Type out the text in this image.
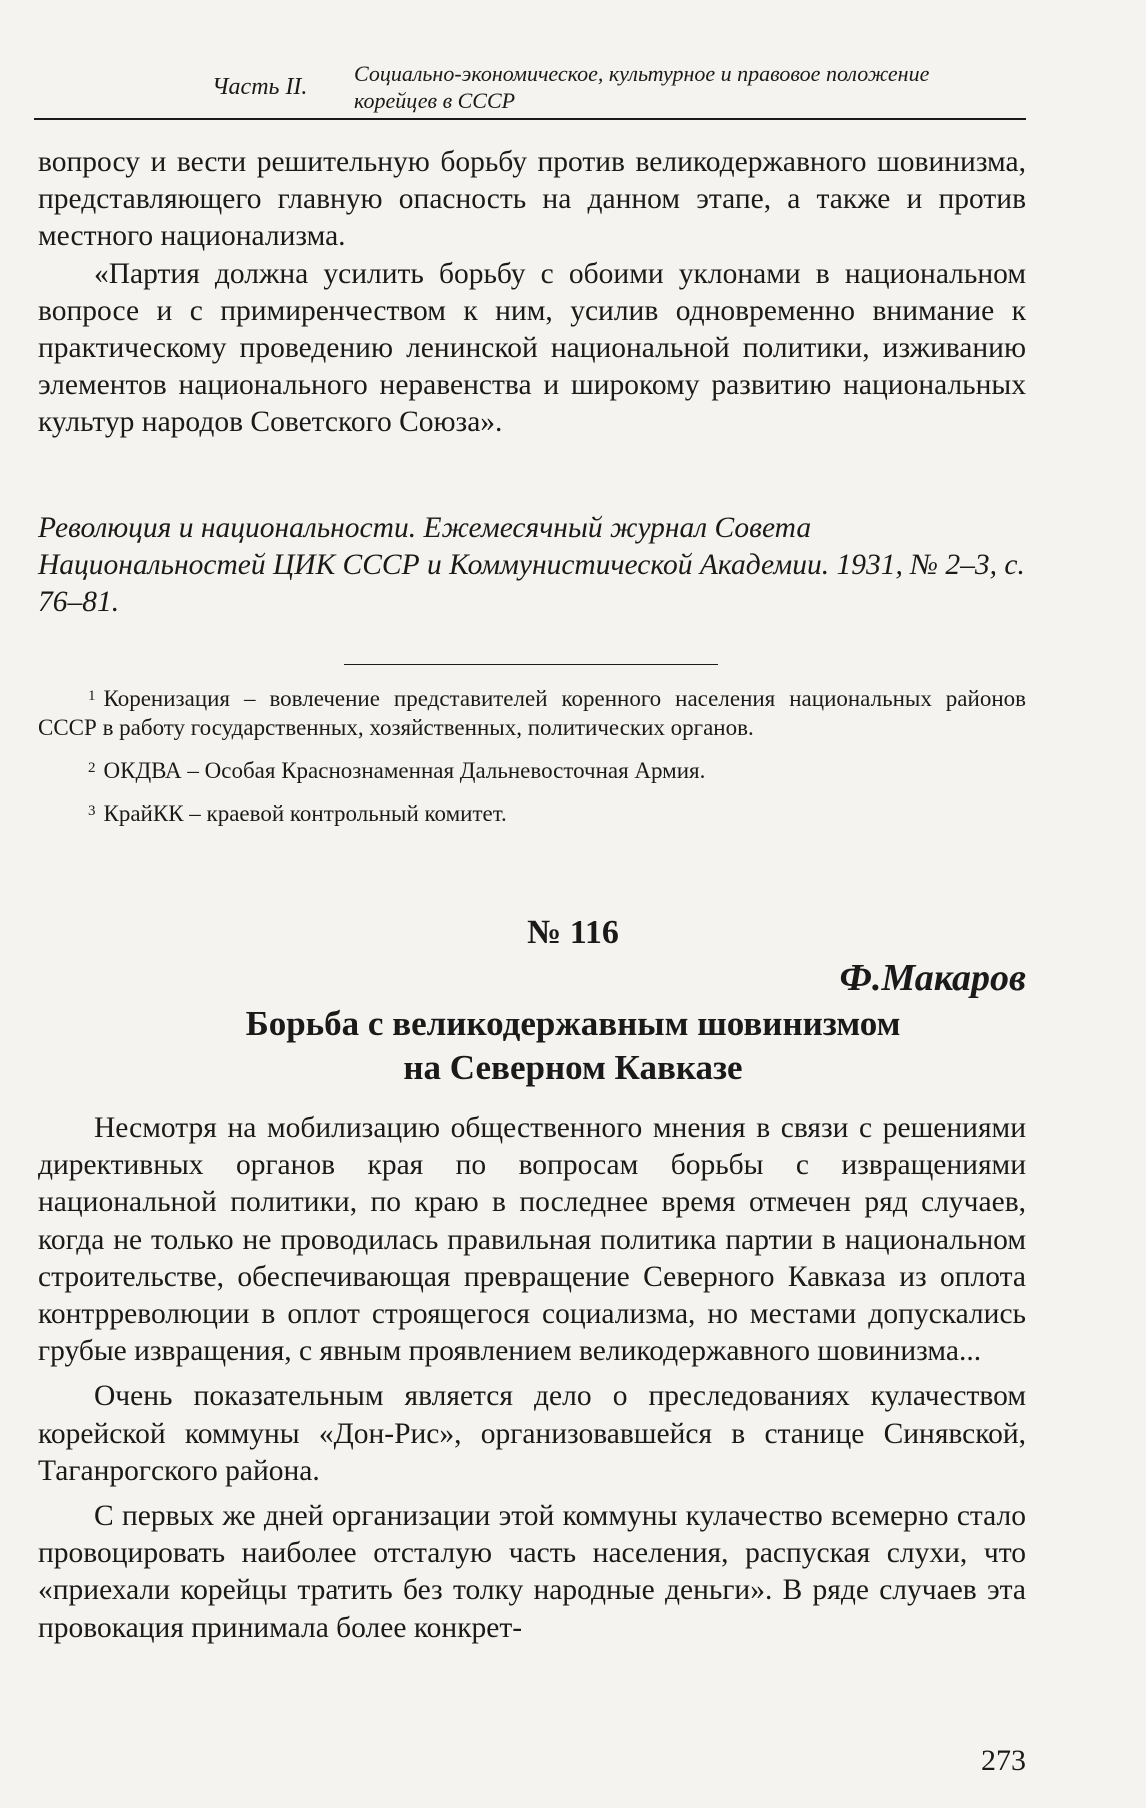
Часть II.
Социально-экономическое, культурное и правовое положение
корейцев в СССР

вопросу и вести решительную борьбу против великодержавного шовинизма, представляющего главную опасность на данном этапе, а также и против местного национализма.

«Партия должна усилить борьбу с обоими уклонами в национальном вопросе и с примиренчеством к ним, усилив одновременно внимание к практическому проведению ленинской национальной политики, изживанию элементов национального неравенства и широкому развитию национальных культур народов Советского Союза».

Революция и национальности. Ежемесячный журнал Совета Национальностей ЦИК СССР и Коммунистической Академии. 1931, № 2–3, с. 76–81.

$^1$ Коренизация – вовлечение представителей коренного населения национальных районов СССР в работу государственных, хозяйственных, политических органов.

$^2$ ОКДВА – Особая Краснознаменная Дальневосточная Армия.

$^3$ КрайКК – краевой контрольный комитет.

№ 116

Ф.Макаров

Борьба с великодержавным шовинизмом
на Северном Кавказе

Несмотря на мобилизацию общественного мнения в связи с решениями директивных органов края по вопросам борьбы с извращениями национальной политики, по краю в последнее время отмечен ряд случаев, когда не только не проводилась правильная политика партии в национальном строительстве, обеспечивающая превращение Северного Кавказа из оплота контрреволюции в оплот строящегося социализма, но местами допускались грубые извращения, с явным проявлением великодержавного шовинизма...

Очень показательным является дело о преследованиях кулачеством корейской коммуны «Дон-Рис», организовавшейся в станице Синявской, Таганрогского района.

С первых же дней организации этой коммуны кулачество всемерно стало провоцировать наиболее отсталую часть населения, распуская слухи, что «приехали корейцы тратить без толку народные деньги». В ряде случаев эта провокация принимала более конкрет-

273
